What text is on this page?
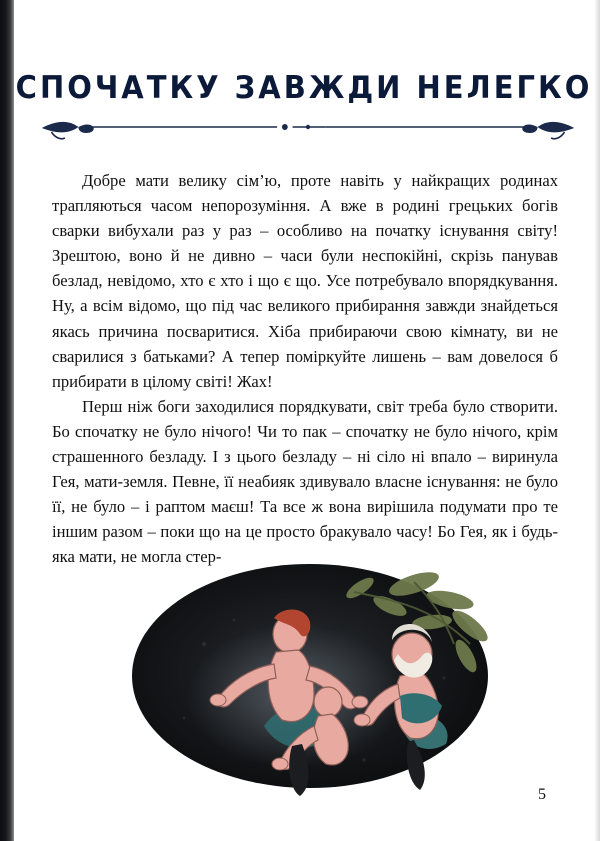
СПОЧАТКУ ЗАВЖДИ НЕЛЕГКО

Добре мати велику сім’ю, проте навіть у найкращих родинах трапляються часом непорозуміння. А вже в родині грецьких богів сварки вибухали раз у раз – особливо на початку існування світу! Зрештою, воно й не дивно – часи були неспокійні, скрізь панував безлад, невідомо, хто є хто і що є що. Усе потребувало впорядкування. Ну, а всім відомо, що під час великого прибирання завжди знайдеться якась причина посваритися. Хіба прибираючи свою кімнату, ви не сварилися з батьками? А тепер поміркуйте лишень – вам довелося б прибирати в цілому світі! Жах!

Перш ніж боги заходилися порядкувати, світ треба було створити. Бо спочатку не було нічого! Чи то пак – спочатку не було нічого, крім страшенного безладу. І з цього безладу – ні сіло ні впало – виринула Гея, мати-земля. Певне, її неабияк здивувало власне існування: не було її, не було – і раптом маєш! Та все ж вона вирішила подумати про те іншим разом – поки що на це просто бракувало часу! Бо Гея, як і будь-яка мати, не могла стер-

5
